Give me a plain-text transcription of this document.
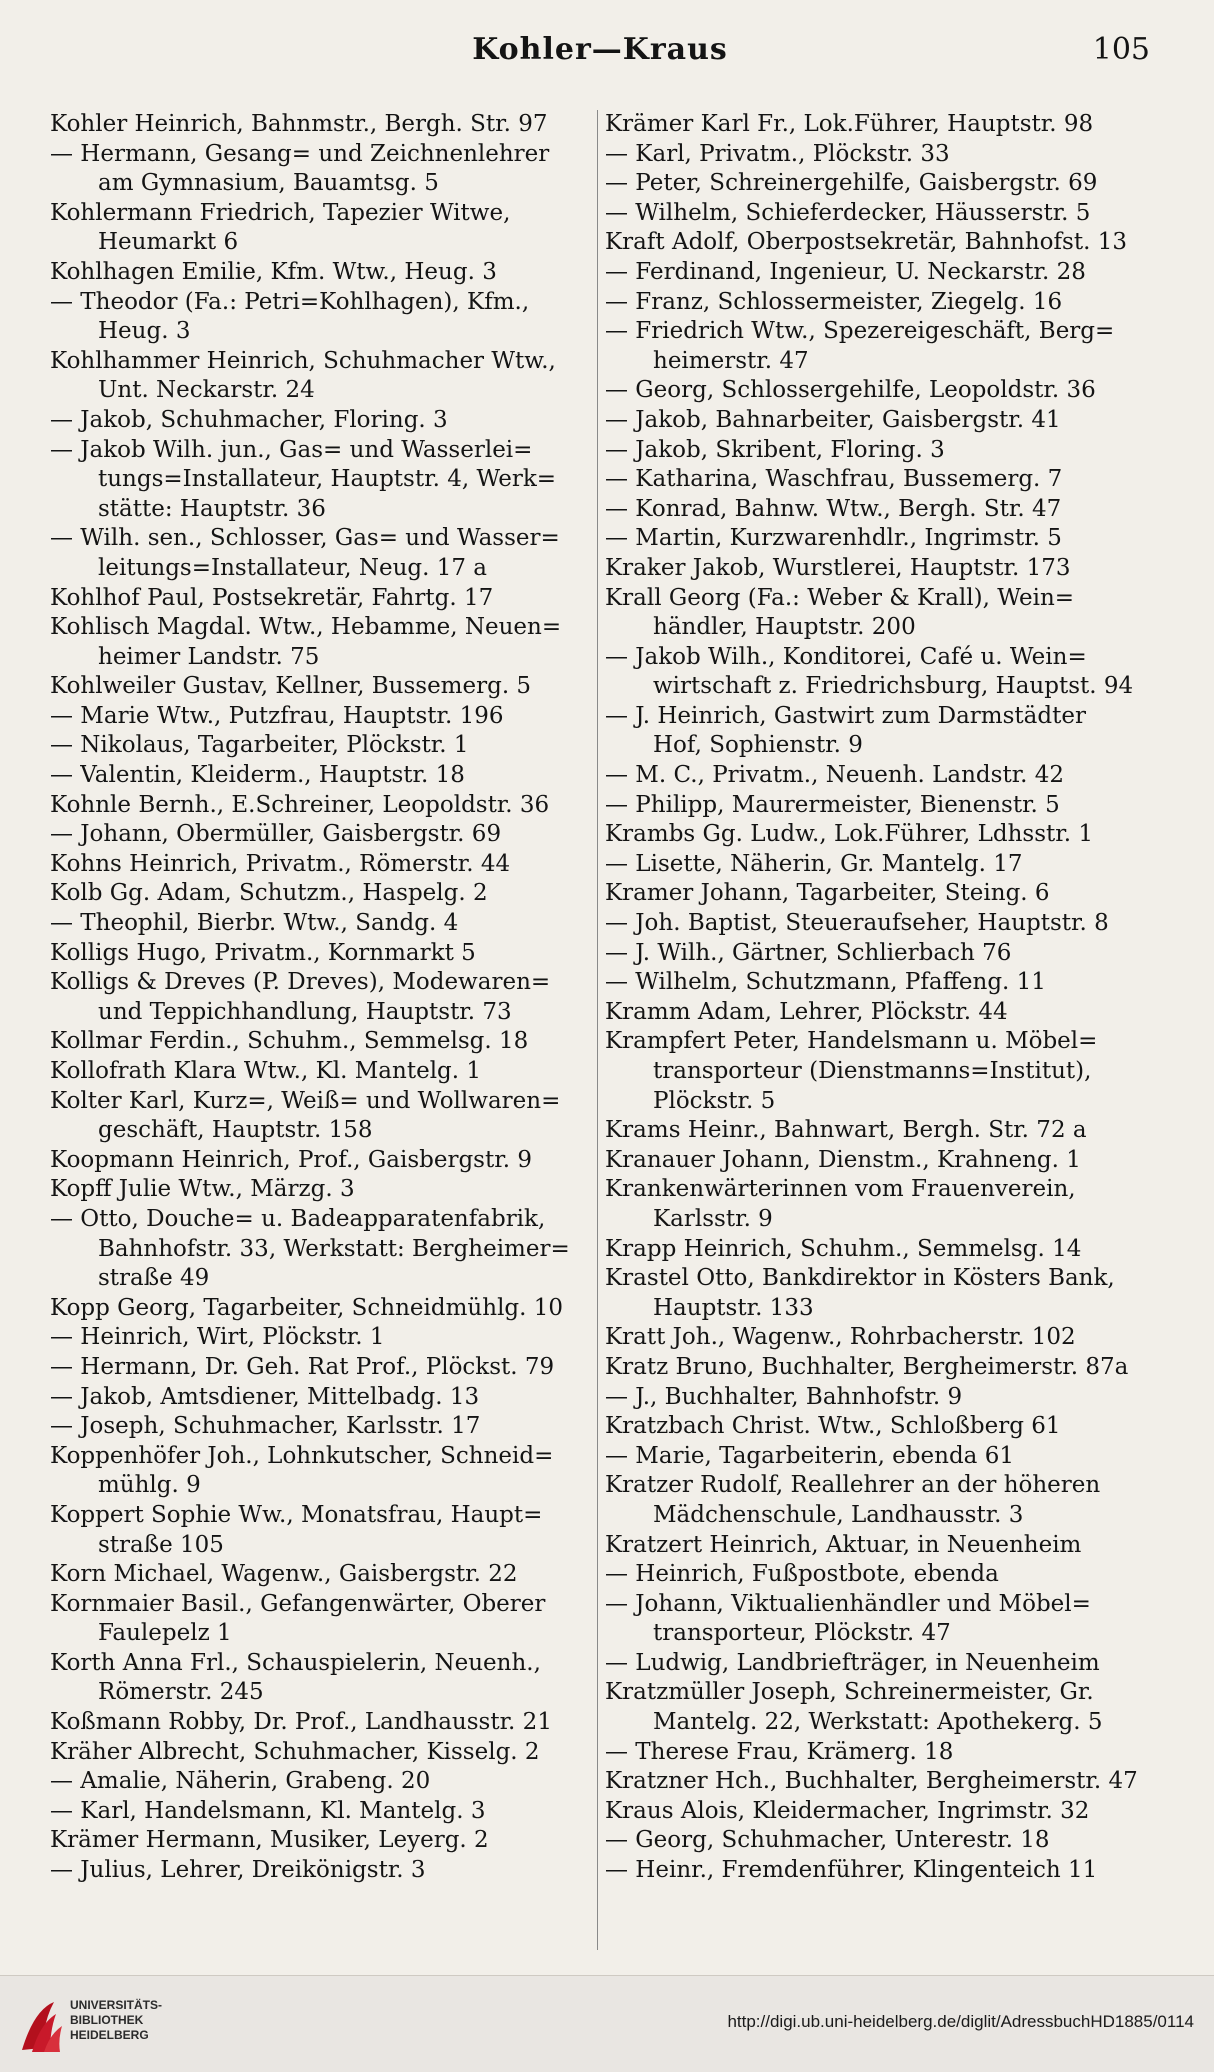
Kohler—Kraus	105
Kohler Heinrich, Bahnmstr., Bergh. Str. 97
— Hermann, Gesang= und Zeichnenlehrer
am Gymnasium, Bauamtsg. 5
Kohlermann Friedrich, Tapezier Witwe,
Heumarkt 6
Kohlhagen Emilie, Kfm. Wtw., Heug. 3
— Theodor (Fa.: Petri=Kohlhagen), Kfm.,
Heug. 3
Kohlhammer Heinrich, Schuhmacher Wtw.,
Unt. Neckarstr. 24
— Jakob, Schuhmacher, Floring. 3
— Jakob Wilh. jun., Gas= und Wasserlei=
tungs=Installateur, Hauptstr. 4, Werk=
stätte: Hauptstr. 36
— Wilh. sen., Schlosser, Gas= und Wasser=
leitungs=Installateur, Neug. 17 a
Kohlhof Paul, Postsekretär, Fahrtg. 17
Kohlisch Magdal. Wtw., Hebamme, Neuen=
heimer Landstr. 75
Kohlweiler Gustav, Kellner, Bussemerg. 5
— Marie Wtw., Putzfrau, Hauptstr. 196
— Nikolaus, Tagarbeiter, Plöckstr. 1
— Valentin, Kleiderm., Hauptstr. 18
Kohnle Bernh., E.Schreiner, Leopoldstr. 36
— Johann, Obermüller, Gaisbergstr. 69
Kohns Heinrich, Privatm., Römerstr. 44
Kolb Gg. Adam, Schutzm., Haspelg. 2
— Theophil, Bierbr. Wtw., Sandg. 4
Kolligs Hugo, Privatm., Kornmarkt 5
Kolligs & Dreves (P. Dreves), Modewaren=
und Teppichhandlung, Hauptstr. 73
Kollmar Ferdin., Schuhm., Semmelsg. 18
Kollofrath Klara Wtw., Kl. Mantelg. 1
Kolter Karl, Kurz=, Weiß= und Wollwaren=
geschäft, Hauptstr. 158
Koopmann Heinrich, Prof., Gaisbergstr. 9
Kopff Julie Wtw., Märzg. 3
— Otto, Douche= u. Badeapparatenfabrik,
Bahnhofstr. 33, Werkstatt: Bergheimer=
straße 49
Kopp Georg, Tagarbeiter, Schneidmühlg. 10
— Heinrich, Wirt, Plöckstr. 1
— Hermann, Dr. Geh. Rat Prof., Plöckst. 79
— Jakob, Amtsdiener, Mittelbadg. 13
— Joseph, Schuhmacher, Karlsstr. 17
Koppenhöfer Joh., Lohnkutscher, Schneid=
mühlg. 9
Koppert Sophie Ww., Monatsfrau, Haupt=
straße 105
Korn Michael, Wagenw., Gaisbergstr. 22
Kornmaier Basil., Gefangenwärter, Oberer
Faulepelz 1
Korth Anna Frl., Schauspielerin, Neuenh.,
Römerstr. 245
Koßmann Robby, Dr. Prof., Landhausstr. 21
Kräher Albrecht, Schuhmacher, Kisselg. 2
— Amalie, Näherin, Grabeng. 20
— Karl, Handelsmann, Kl. Mantelg. 3
Krämer Hermann, Musiker, Leyerg. 2
— Julius, Lehrer, Dreikönigstr. 3
Krämer Karl Fr., Lok.Führer, Hauptstr. 98
— Karl, Privatm., Plöckstr. 33
— Peter, Schreinergehilfe, Gaisbergstr. 69
— Wilhelm, Schieferdecker, Häusserstr. 5
Kraft Adolf, Oberpostsekretär, Bahnhofst. 13
— Ferdinand, Ingenieur, U. Neckarstr. 28
— Franz, Schlossermeister, Ziegelg. 16
— Friedrich Wtw., Spezereigeschäft, Berg=
heimerstr. 47
— Georg, Schlossergehilfe, Leopoldstr. 36
— Jakob, Bahnarbeiter, Gaisbergstr. 41
— Jakob, Skribent, Floring. 3
— Katharina, Waschfrau, Bussemerg. 7
— Konrad, Bahnw. Wtw., Bergh. Str. 47
— Martin, Kurzwarenhdlr., Ingrimstr. 5
Kraker Jakob, Wurstlerei, Hauptstr. 173
Krall Georg (Fa.: Weber & Krall), Wein=
händler, Hauptstr. 200
— Jakob Wilh., Konditorei, Café u. Wein=
wirtschaft z. Friedrichsburg, Hauptst. 94
— J. Heinrich, Gastwirt zum Darmstädter
Hof, Sophienstr. 9
— M. C., Privatm., Neuenh. Landstr. 42
— Philipp, Maurermeister, Bienenstr. 5
Krambs Gg. Ludw., Lok.Führer, Ldhsstr. 1
— Lisette, Näherin, Gr. Mantelg. 17
Kramer Johann, Tagarbeiter, Steing. 6
— Joh. Baptist, Steueraufseher, Hauptstr. 8
— J. Wilh., Gärtner, Schlierbach 76
— Wilhelm, Schutzmann, Pfaffeng. 11
Kramm Adam, Lehrer, Plöckstr. 44
Krampfert Peter, Handelsmann u. Möbel=
transporteur (Dienstmanns=Institut),
Plöckstr. 5
Krams Heinr., Bahnwart, Bergh. Str. 72 a
Kranauer Johann, Dienstm., Krahneng. 1
Krankenwärterinnen vom Frauenverein,
Karlsstr. 9
Krapp Heinrich, Schuhm., Semmelsg. 14
Krastel Otto, Bankdirektor in Kösters Bank,
Hauptstr. 133
Kratt Joh., Wagenw., Rohrbacherstr. 102
Kratz Bruno, Buchhalter, Bergheimerstr. 87a
— J., Buchhalter, Bahnhofstr. 9
Kratzbach Christ. Wtw., Schloßberg 61
— Marie, Tagarbeiterin, ebenda 61
Kratzer Rudolf, Reallehrer an der höheren
Mädchenschule, Landhausstr. 3
Kratzert Heinrich, Aktuar, in Neuenheim
— Heinrich, Fußpostbote, ebenda
— Johann, Viktualienhändler und Möbel=
transporteur, Plöckstr. 47
— Ludwig, Landbriefträger, in Neuenheim
Kratzmüller Joseph, Schreinermeister, Gr.
Mantelg. 22, Werkstatt: Apothekerg. 5
— Therese Frau, Krämerg. 18
Kratzner Hch., Buchhalter, Bergheimerstr. 47
Kraus Alois, Kleidermacher, Ingrimstr. 32
— Georg, Schuhmacher, Unterestr. 18
— Heinr., Fremdenführer, Klingenteich 11
UNIVERSITÄTS-
BIBLIOTHEK
HEIDELBERG
http://digi.ub.uni-heidelberg.de/diglit/AdressbuchHD1885/0114
